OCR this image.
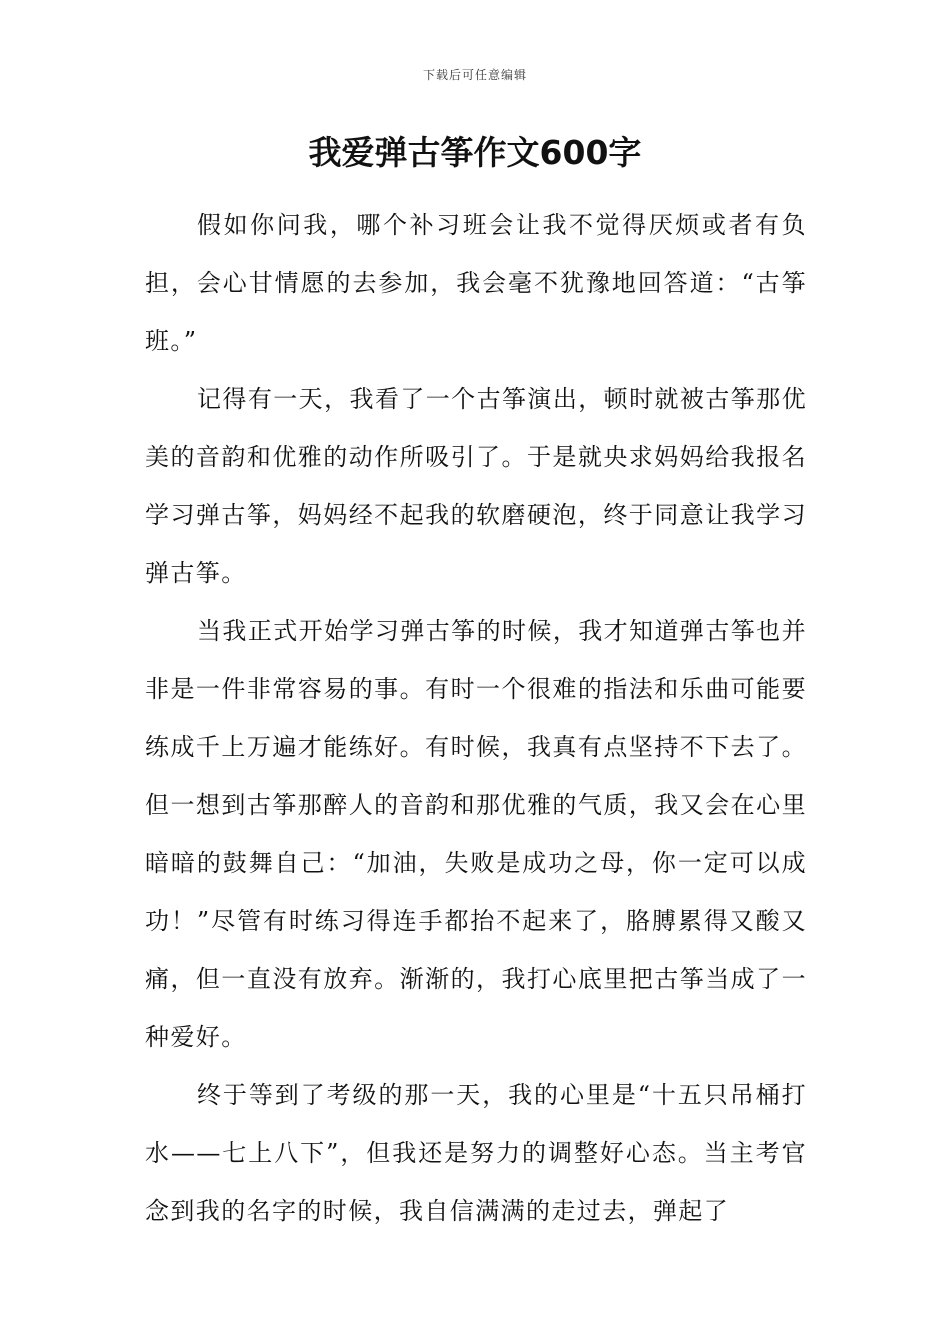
下载后可任意编辑
我爱弹古筝作文600字

假如你问我，哪个补习班会让我不觉得厌烦或者有负担，会心甘情愿的去参加，我会毫不犹豫地回答道：“古筝班。”

记得有一天，我看了一个古筝演出，顿时就被古筝那优美的音韵和优雅的动作所吸引了。于是就央求妈妈给我报名学习弹古筝，妈妈经不起我的软磨硬泡，终于同意让我学习弹古筝。

当我正式开始学习弹古筝的时候，我才知道弹古筝也并非是一件非常容易的事。有时一个很难的指法和乐曲可能要练成千上万遍才能练好。有时候，我真有点坚持不下去了。但一想到古筝那醉人的音韵和那优雅的气质，我又会在心里暗暗的鼓舞自己：“加油，失败是成功之母，你一定可以成功！”尽管有时练习得连手都抬不起来了，胳膊累得又酸又痛，但一直没有放弃。渐渐的，我打心底里把古筝当成了一种爱好。

终于等到了考级的那一天，我的心里是“十五只吊桶打水——七上八下”，但我还是努力的调整好心态。当主考官念到我的名字的时候，我自信满满的走过去，弹起了
